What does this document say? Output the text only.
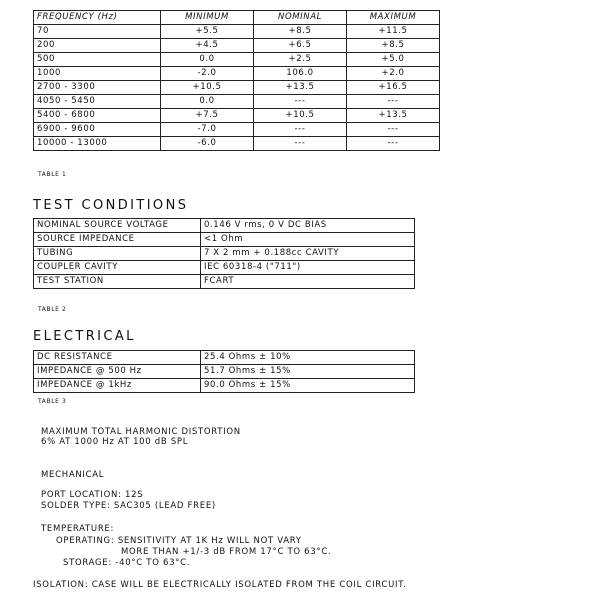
FREQUENCY (Hz)	MINIMUM	NOMINAL	MAXIMUM
70	+5.5	+8.5	+11.5
200	+4.5	+6.5	+8.5
500	0.0	+2.5	+5.0
1000	-2.0	106.0	+2.0
2700 - 3300	+10.5	+13.5	+16.5
4050 - 5450	0.0	---	---
5400 - 6800	+7.5	+10.5	+13.5
6900 - 9600	-7.0	---	---
10000 - 13000	-6.0	---	---
TABLE 1
TEST CONDITIONS
NOMINAL SOURCE VOLTAGE	0.146 V rms, 0 V DC BIAS
SOURCE IMPEDANCE	<1 Ohm
TUBING	7 X 2 mm + 0.188cc CAVITY
COUPLER CAVITY	IEC 60318-4 ("711")
TEST STATION	FCART
TABLE 2
ELECTRICAL
DC RESISTANCE	25.4 Ohms ± 10%
IMPEDANCE @ 500 Hz	51.7 Ohms ± 15%
IMPEDANCE @ 1kHz	90.0 Ohms ± 15%
TABLE 3
MAXIMUM TOTAL HARMONIC DISTORTION
6% AT 1000 Hz AT 100 dB SPL
MECHANICAL
PORT LOCATION: 12S
SOLDER TYPE: SAC305 (LEAD FREE)
TEMPERATURE:
OPERATING: SENSITIVITY AT 1K Hz WILL NOT VARY
MORE THAN +1/-3 dB FROM 17°C TO 63°C.
STORAGE: -40°C TO 63°C.
ISOLATION: CASE WILL BE ELECTRICALLY ISOLATED FROM THE COIL CIRCUIT.
